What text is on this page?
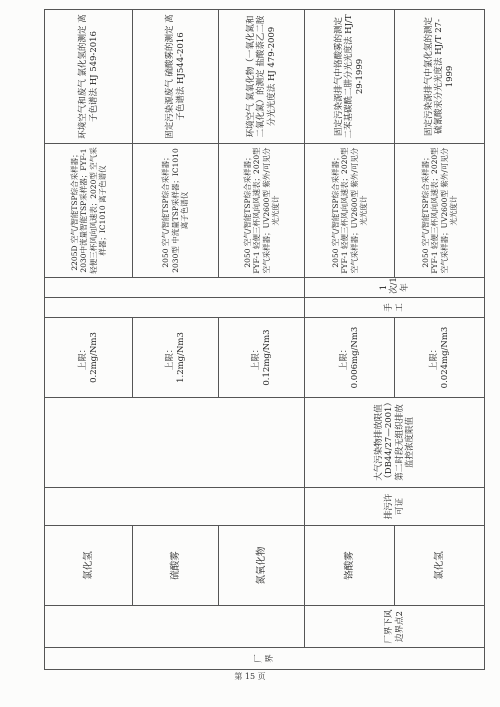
厂界		氯化氢			上限：0.2mg/Nm3			2205D 空气/智能TSP综合采样器；2030中流量智能TSP采样器；FYF-1 轻便三杯风向风速表；2020型 空气采样器；IC1010 离子色谱仪	环境空气和废气 氯化氢的测定 离子色谱法 HJ 549-2016
		硫酸雾			上限：1.2mg/Nm3			2050 空气/智能TSP综合采样器；2030型 中流量TSP采样器；IC1010 离子色谱仪	固定污染源废气 硫酸雾的测定 离子色谱法 HJ544-2016
		氮氧化物			上限：0.12mg/Nm3			2050 空气/智能TSP综合采样器；FYF-1 轻便三杯风向风速表；2020型 空气采样器；UV2600型 紫外/可见分光光度计	环境空气 氮氧化物（一氧化氮和二氧化氮）的测定 盐酸萘乙二胺分光光度法 HJ 479-2009
	厂界下风边界点2	铬酸雾	排污许可证	大气污染物排放限值（DB44/27—2001）第二时段无组织排放监控浓度限值	上限：0.006mg/Nm3	手工	1次/1年	2050 空气/智能TSP综合采样器；FYF-1 轻便三杯风向风速表；2020型 空气采样器；UV2600型 紫外/可见分光光度计	固定污染源排气中铬酸雾的测定 二苯基碳酰二肼分光光度法 HJ/T 29-1999
		氯化氢			上限：0.024mg/Nm3			2050 空气/智能TSP综合采样器；FYF-1 轻便三杯风向风速表；2020型 空气采样器；UV2600型 紫外/可见分光光度计	固定污染源排气中氯化氢的测定 硫氰酸汞分光光度法 HJ/T 27-1999
第 15 页
